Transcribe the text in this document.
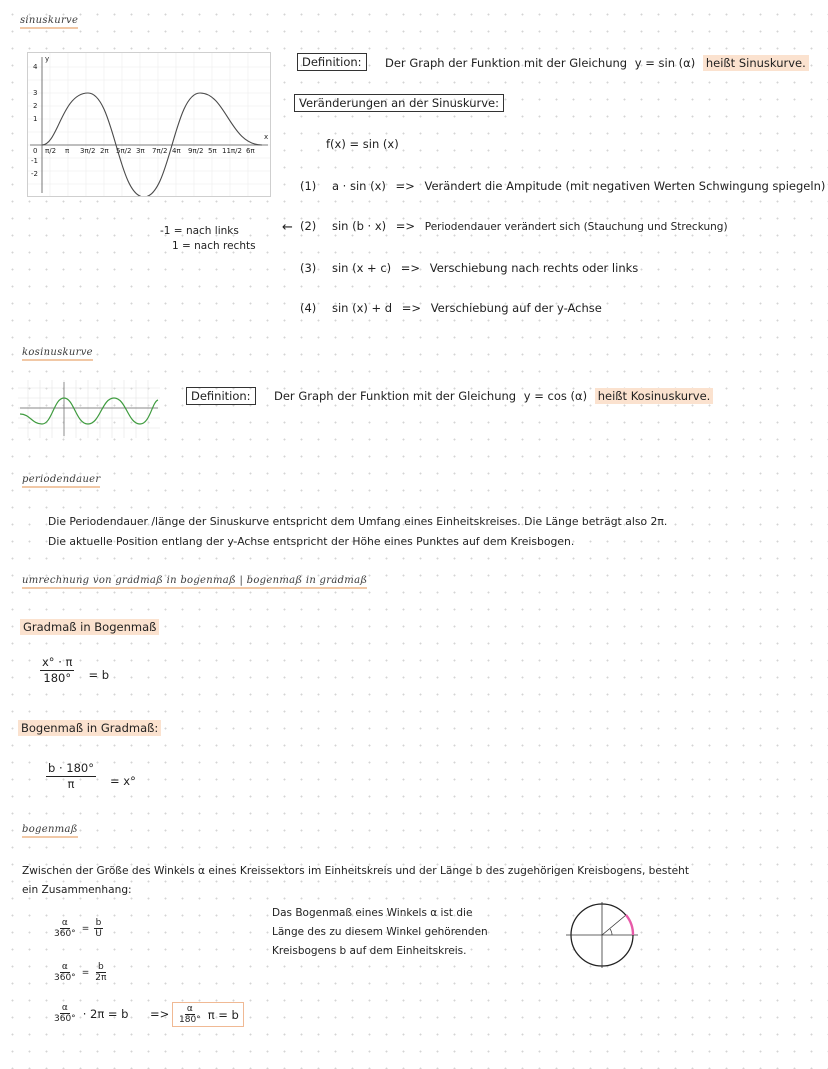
sinuskurve
y
x
4
3
2
1
0
-1
-2
π/2 π 3π/2 2π 5π/2 3π 7π/2 4π 9π/2 5π 11π/2 6π
Definition:	Der Graph der Funktion mit der Gleichung y = sin (α) heißt Sinuskurve.
Veränderungen an der Sinuskurve:
f(x) = sin (x)
(1) a · sin (x) => Verändert die Ampitude (mit negativen Werten Schwingung spiegeln)
(2) sin (b · x) => Periodendauer verändert sich (Stauchung und Streckung)
(3) sin (x + c) => Verschiebung nach rechts oder links
(4) sin (x) + d => Verschiebung auf der y-Achse
←
-1 = nach links
1 = nach rechts
kosinuskurve
Definition:	Der Graph der Funktion mit der Gleichung y = cos (α) heißt Kosinuskurve.
periodendauer
Die Periodendauer /länge der Sinuskurve entspricht dem Umfang eines Einheitskreises. Die Länge beträgt also 2π.
Die aktuelle Position entlang der y-Achse entspricht der Höhe eines Punktes auf dem Kreisbogen.
umrechnung von gradmaß in bogenmaß | bogenmaß in gradmaß
Gradmaß in Bogenmaß
$\frac{x^\circ \cdot \pi}{180^\circ} = b$
Bogenmaß in Gradmaß:
$\frac{b \cdot 180^\circ}{\pi} = x^\circ$
bogenmaß
Zwischen der Größe des Winkels α eines Kreissektors im Einheitskreis und der Länge b des zugehörigen Kreisbogens, besteht
ein Zusammenhang:
$\frac{\alpha}{360^\circ} = \frac{b}{U}$
$\frac{\alpha}{360^\circ} = \frac{b}{2\pi}$
$\frac{\alpha}{360^\circ} \cdot 2\pi = b => \frac{\alpha}{180^\circ}$ π = b
Das Bogenmaß eines Winkels α ist die
Länge des zu diesem Winkel gehörenden
Kreisbogens b auf dem Einheitskreis.
